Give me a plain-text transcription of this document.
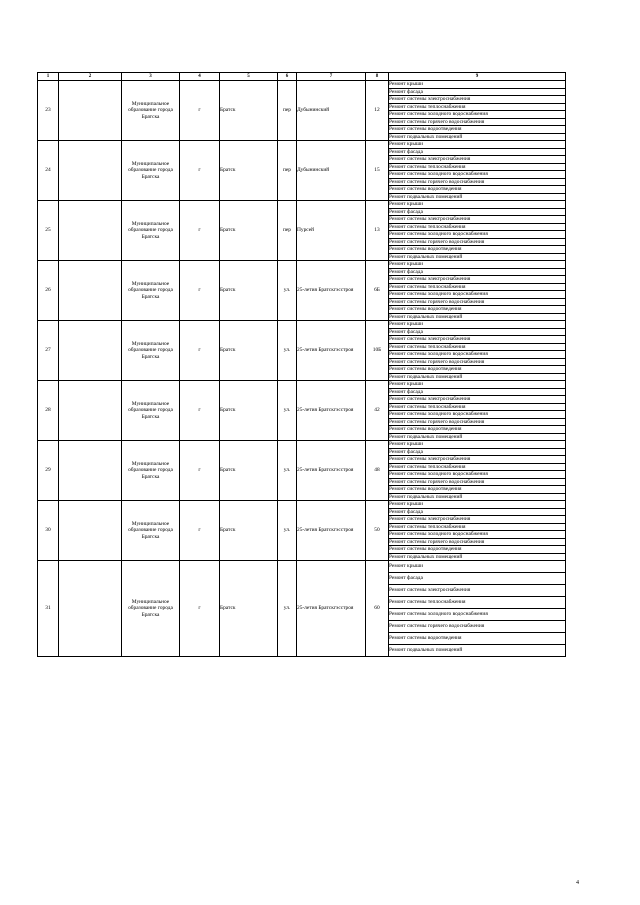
1	2	3	4	5	6	7	8	9
23		Муниципальное образование города Братска	г	Братск	пер	Дубынинский	12	Ремонт крыши
								Ремонт фасада
								Ремонт системы электроснабжения
								Ремонт системы теплоснабжения
								Ремонт системы холодного водоснабжения
								Ремонт системы горячего водоснабжения
								Ремонт системы водоотведения
								Ремонт подвальных помещений
24		Муниципальное образование города Братска	г	Братск	пер	Дубынинский	15	Ремонт крыши
								Ремонт фасада
								Ремонт системы электроснабжения
								Ремонт системы теплоснабжения
								Ремонт системы холодного водоснабжения
								Ремонт системы горячего водоснабжения
								Ремонт системы водоотведения
								Ремонт подвальных помещений
25		Муниципальное образование города Братска	г	Братск	пер	Пурсей	13	Ремонт крыши
								Ремонт фасада
								Ремонт системы электроснабжения
								Ремонт системы теплоснабжения
								Ремонт системы холодного водоснабжения
								Ремонт системы горячего водоснабжения
								Ремонт системы водоотведения
								Ремонт подвальных помещений
26		Муниципальное образование города Братска	г	Братск	ул.	25-летия Братскгэсстроя	6Б	Ремонт крыши
								Ремонт фасада
								Ремонт системы электроснабжения
								Ремонт системы теплоснабжения
								Ремонт системы холодного водоснабжения
								Ремонт системы горячего водоснабжения
								Ремонт системы водоотведения
								Ремонт подвальных помещений
27		Муниципальное образование города Братска	г	Братск	ул.	25-летия Братскгэсстроя	10Б	Ремонт крыши
								Ремонт фасада
								Ремонт системы электроснабжения
								Ремонт системы теплоснабжения
								Ремонт системы холодного водоснабжения
								Ремонт системы горячего водоснабжения
								Ремонт системы водоотведения
								Ремонт подвальных помещений
28		Муниципальное образование города Братска	г	Братск	ул.	25-летия Братскгэсстроя	42	Ремонт крыши
								Ремонт фасада
								Ремонт системы электроснабжения
								Ремонт системы теплоснабжения
								Ремонт системы холодного водоснабжения
								Ремонт системы горячего водоснабжения
								Ремонт системы водоотведения
								Ремонт подвальных помещений
29		Муниципальное образование города Братска	г	Братск	ул.	25-летия Братскгэсстроя	48	Ремонт крыши
								Ремонт фасада
								Ремонт системы электроснабжения
								Ремонт системы теплоснабжения
								Ремонт системы холодного водоснабжения
								Ремонт системы горячего водоснабжения
								Ремонт системы водоотведения
								Ремонт подвальных помещений
30		Муниципальное образование города Братска	г	Братск	ул.	25-летия Братскгэсстроя	50	Ремонт крыши
								Ремонт фасада
								Ремонт системы электроснабжения
								Ремонт системы теплоснабжения
								Ремонт системы холодного водоснабжения
								Ремонт системы горячего водоснабжения
								Ремонт системы водоотведения
								Ремонт подвальных помещений
31		Муниципальное образование города Братска	г	Братск	ул.	25-летия Братскгэсстроя	60	Ремонт крыши
								Ремонт фасада
								Ремонт системы электроснабжения
								Ремонт системы теплоснабжения
								Ремонт системы холодного водоснабжения
								Ремонт системы горячего водоснабжения
								Ремонт системы водоотведения
								Ремонт подвальных помещений
4
